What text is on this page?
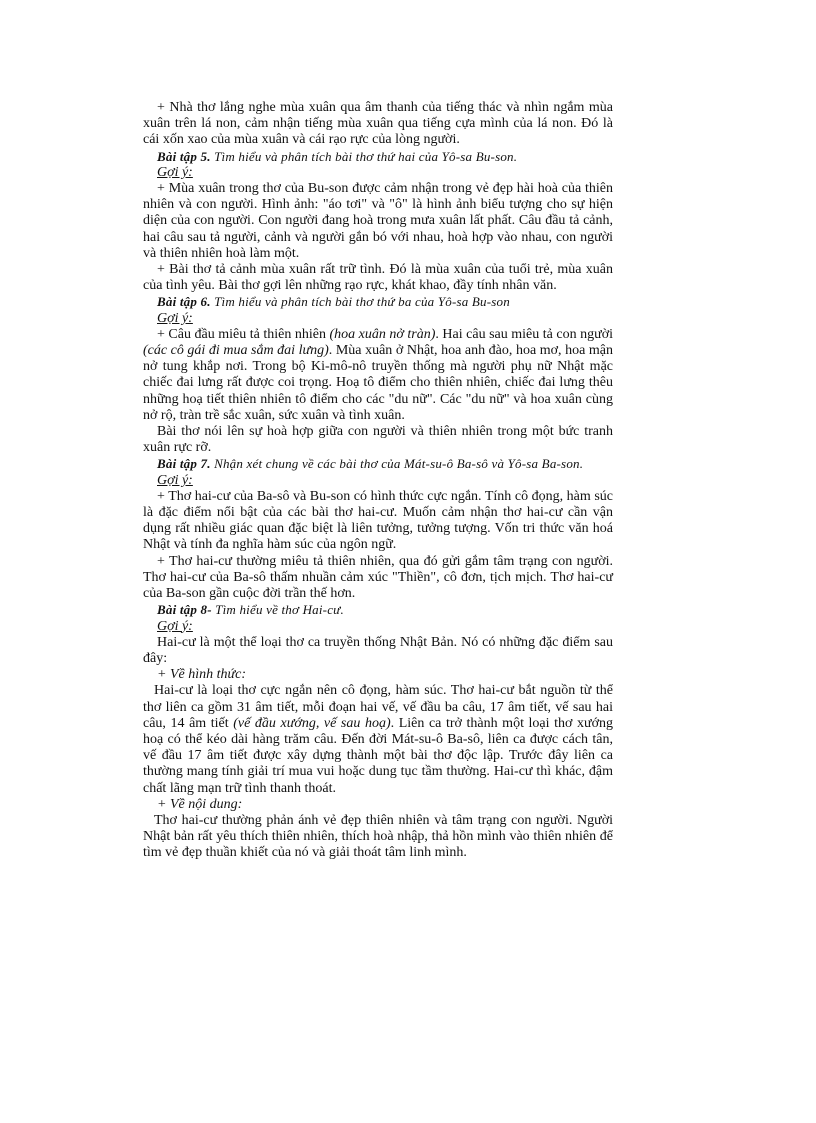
+ Nhà thơ lắng nghe mùa xuân qua âm thanh của tiếng thác và nhìn ngắm mùa xuân trên lá non, cảm nhận tiếng mùa xuân qua tiếng cựa mình của lá non. Đó là cái xốn xao của mùa xuân và cái rạo rực của lòng người.

Bài tập 5. Tìm hiểu và phân tích bài thơ thứ hai của Yô-sa Bu-son.

Gợi ý:

+ Mùa xuân trong thơ của Bu-son được cảm nhận trong vẻ đẹp hài hoà của thiên nhiên và con người. Hình ảnh: "áo tơi" và "ô" là hình ảnh biểu tượng cho sự hiện diện của con người. Con người đang hoà trong mưa xuân lất phất. Câu đầu tả cảnh, hai câu sau tả người, cảnh và người gắn bó với nhau, hoà hợp vào nhau, con người và thiên nhiên hoà làm một.

+ Bài thơ tả cảnh mùa xuân rất trữ tình. Đó là mùa xuân của tuổi trẻ, mùa xuân của tình yêu. Bài thơ gợi lên những rạo rực, khát khao, đầy tính nhân văn.

Bài tập 6. Tìm hiểu và phân tích bài thơ thứ ba của Yô-sa Bu-son

Gợi ý:

+ Câu đầu miêu tả thiên nhiên (hoa xuân nở tràn). Hai câu sau miêu tả con người (các cô gái đi mua sắm đai lưng). Mùa xuân ở Nhật, hoa anh đào, hoa mơ, hoa mận nở tung khắp nơi. Trong bộ Ki-mô-nô truyền thống mà người phụ nữ Nhật mặc chiếc đai lưng rất được coi trọng. Hoạ tô điểm cho thiên nhiên, chiếc đai lưng thêu những hoạ tiết thiên nhiên tô điểm cho các "du nữ". Các "du nữ" và hoa xuân cùng nở rộ, tràn trề sắc xuân, sức xuân và tình xuân.

Bài thơ nói lên sự hoà hợp giữa con người và thiên nhiên trong một bức tranh xuân rực rỡ.

Bài tập 7. Nhận xét chung về các bài thơ của Mát-su-ô Ba-sô và Yô-sa Ba-son.

Gợi ý:

+ Thơ hai-cư của Ba-sô và Bu-son có hình thức cực ngắn. Tính cô đọng, hàm súc là đặc điểm nổi bật của các bài thơ hai-cư. Muốn cảm nhận thơ hai-cư cần vận dụng rất nhiều giác quan đặc biệt là liên tưởng, tưởng tượng. Vốn tri thức văn hoá Nhật và tính đa nghĩa hàm súc của ngôn ngữ.

+ Thơ hai-cư thường miêu tả thiên nhiên, qua đó gửi gắm tâm trạng con người. Thơ hai-cư của Ba-sô thấm nhuần cảm xúc "Thiền", cô đơn, tịch mịch. Thơ hai-cư của Ba-son gần cuộc đời trần thế hơn.

Bài tập 8- Tìm hiểu về thơ Hai-cư.

Gợi ý:

Hai-cư là một thể loại thơ ca truyền thống Nhật Bản. Nó có những đặc điểm sau đây:

+ Về hình thức:

Hai-cư là loại thơ cực ngắn nên cô đọng, hàm súc. Thơ hai-cư bắt nguồn từ thể thơ liên ca gồm 31 âm tiết, mỗi đoạn hai vế, vế đầu ba câu, 17 âm tiết, vế sau hai câu, 14 âm tiết (vế đầu xướng, vế sau hoạ). Liên ca trở thành một loại thơ xướng hoạ có thể kéo dài hàng trăm câu. Đến đời Mát-su-ô Ba-sô, liên ca được cách tân, vế đầu 17 âm tiết được xây dựng thành một bài thơ độc lập. Trước đây liên ca thường mang tính giải trí mua vui hoặc dung tục tầm thường. Hai-cư thì khác, đậm chất lãng mạn trữ tình thanh thoát.

+ Về nội dung:

Thơ hai-cư thường phản ánh vẻ đẹp thiên nhiên và tâm trạng con người. Người Nhật bản rất yêu thích thiên nhiên, thích hoà nhập, thả hồn mình vào thiên nhiên để tìm vẻ đẹp thuần khiết của nó và giải thoát tâm linh mình.
